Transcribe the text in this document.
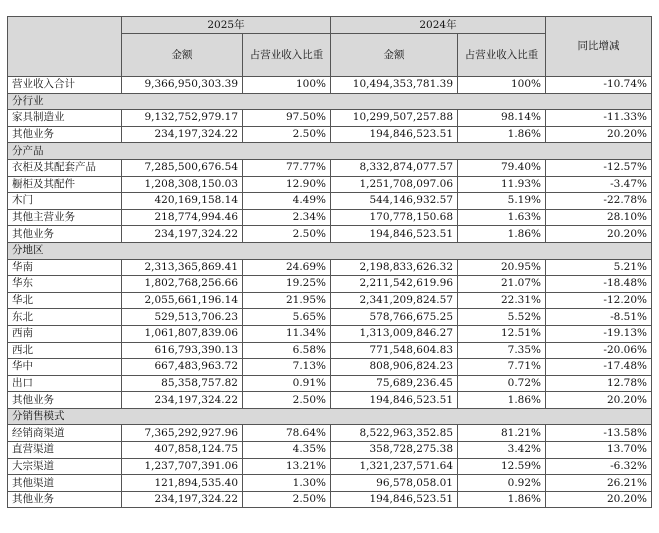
	2025年		2024年		同比增减
	金额	占营业收入比重	金额	占营业收入比重	
营业收入合计	9,366,950,303.39	100%	10,494,353,781.39	100%	-10.74%
分行业					
家具制造业	9,132,752,979.17	97.50%	10,299,507,257.88	98.14%	-11.33%
其他业务	234,197,324.22	2.50%	194,846,523.51	1.86%	20.20%
分产品					
衣柜及其配套产品	7,285,500,676.54	77.77%	8,332,874,077.57	79.40%	-12.57%
橱柜及其配件	1,208,308,150.03	12.90%	1,251,708,097.06	11.93%	-3.47%
木门	420,169,158.14	4.49%	544,146,932.57	5.19%	-22.78%
其他主营业务	218,774,994.46	2.34%	170,778,150.68	1.63%	28.10%
其他业务	234,197,324.22	2.50%	194,846,523.51	1.86%	20.20%
分地区					
华南	2,313,365,869.41	24.69%	2,198,833,626.32	20.95%	5.21%
华东	1,802,768,256.66	19.25%	2,211,542,619.96	21.07%	-18.48%
华北	2,055,661,196.14	21.95%	2,341,209,824.57	22.31%	-12.20%
东北	529,513,706.23	5.65%	578,766,675.25	5.52%	-8.51%
西南	1,061,807,839.06	11.34%	1,313,009,846.27	12.51%	-19.13%
西北	616,793,390.13	6.58%	771,548,604.83	7.35%	-20.06%
华中	667,483,963.72	7.13%	808,906,824.23	7.71%	-17.48%
出口	85,358,757.82	0.91%	75,689,236.45	0.72%	12.78%
其他业务	234,197,324.22	2.50%	194,846,523.51	1.86%	20.20%
分销售模式					
经销商渠道	7,365,292,927.96	78.64%	8,522,963,352.85	81.21%	-13.58%
直营渠道	407,858,124.75	4.35%	358,728,275.38	3.42%	13.70%
大宗渠道	1,237,707,391.06	13.21%	1,321,237,571.64	12.59%	-6.32%
其他渠道	121,894,535.40	1.30%	96,578,058.01	0.92%	26.21%
其他业务	234,197,324.22	2.50%	194,846,523.51	1.86%	20.20%
